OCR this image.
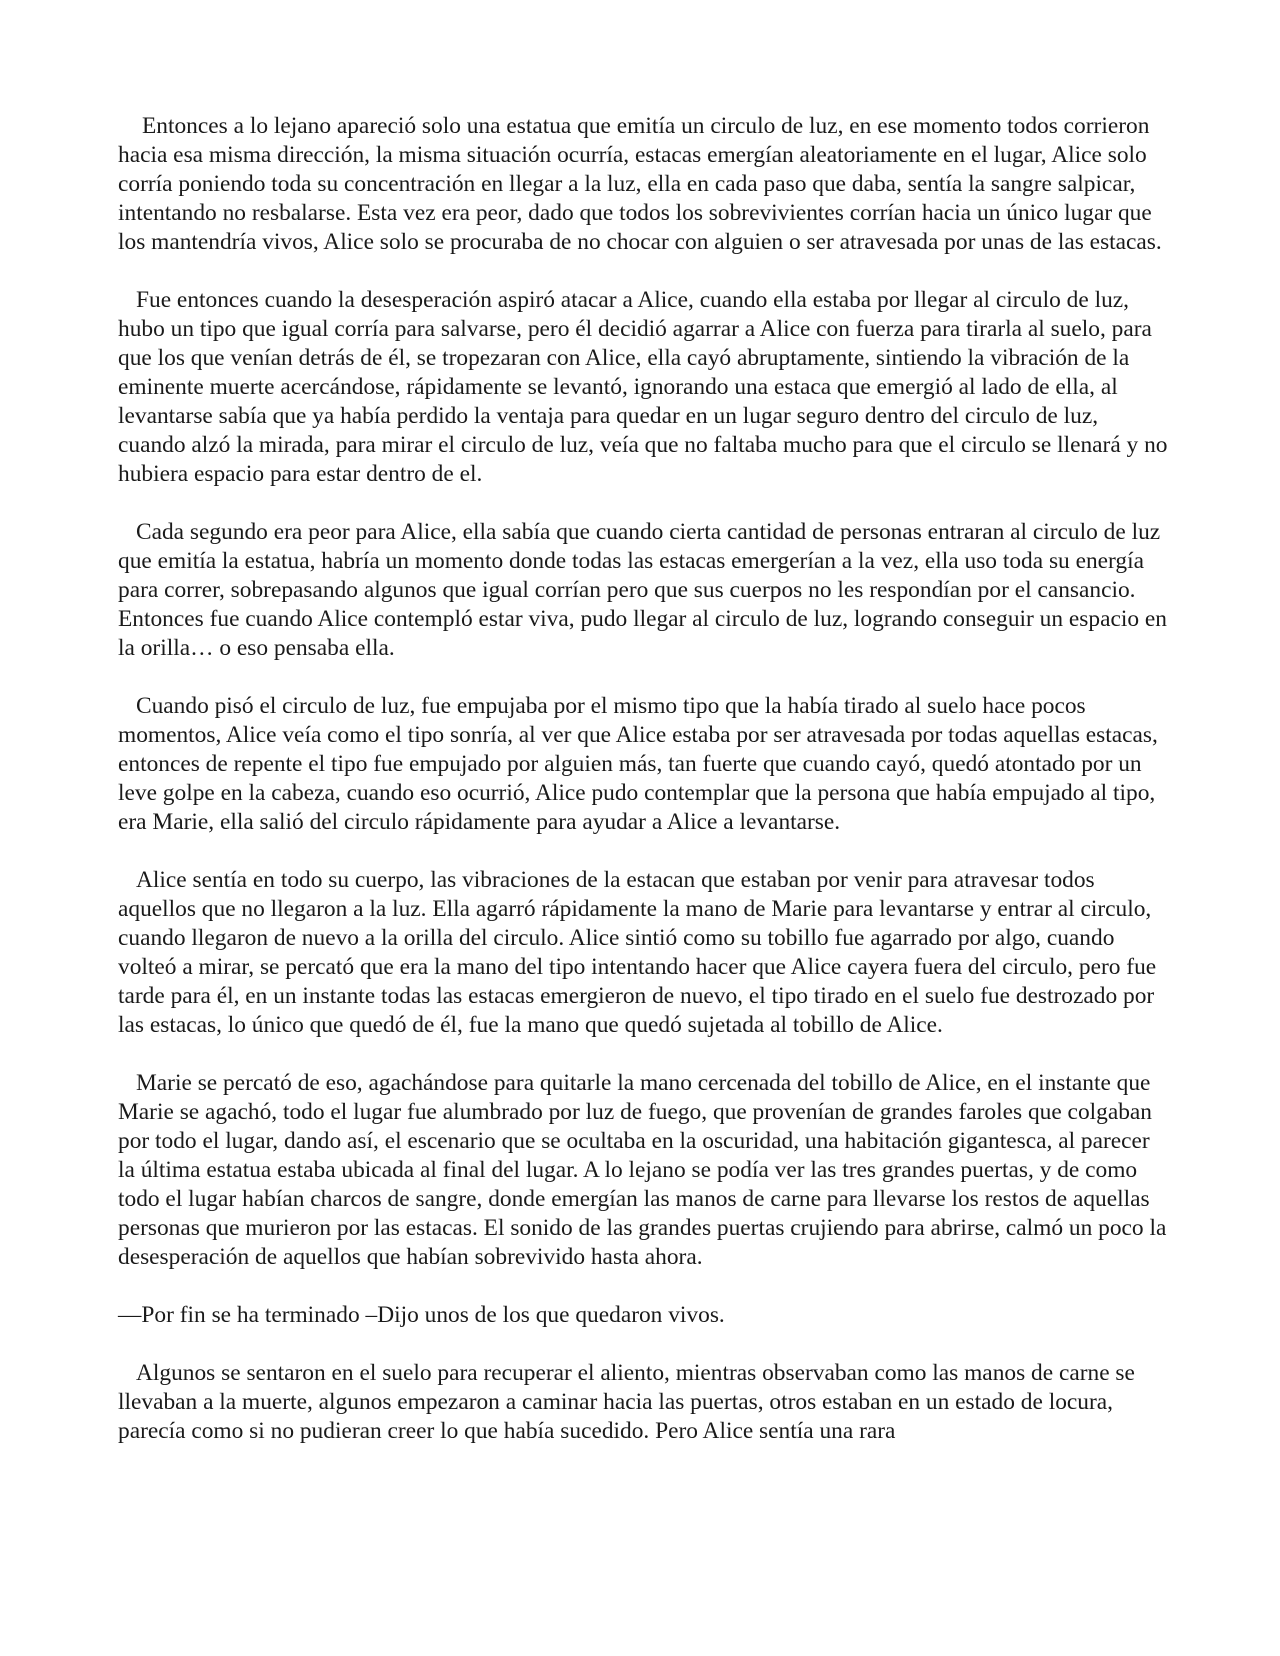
Entonces a lo lejano apareció solo una estatua que emitía un circulo de luz, en ese momento todos corrieron hacia esa misma dirección, la misma situación ocurría, estacas emergían aleatoriamente en el lugar, Alice solo corría poniendo toda su concentración en llegar a la luz, ella en cada paso que daba, sentía la sangre salpicar, intentando no resbalarse. Esta vez era peor, dado que todos los sobrevivientes corrían hacia un único lugar que los mantendría vivos, Alice solo se procuraba de no chocar con alguien o ser atravesada por unas de las estacas.

Fue entonces cuando la desesperación aspiró atacar a Alice, cuando ella estaba por llegar al circulo de luz, hubo un tipo que igual corría para salvarse, pero él decidió agarrar a Alice con fuerza para tirarla al suelo, para que los que venían detrás de él, se tropezaran con Alice, ella cayó abruptamente, sintiendo la vibración de la eminente muerte acercándose, rápidamente se levantó, ignorando una estaca que emergió al lado de ella, al levantarse sabía que ya había perdido la ventaja para quedar en un lugar seguro dentro del circulo de luz, cuando alzó la mirada, para mirar el circulo de luz, veía que no faltaba mucho para que el circulo se llenará y no hubiera espacio para estar dentro de el.

Cada segundo era peor para Alice, ella sabía que cuando cierta cantidad de personas entraran al circulo de luz que emitía la estatua, habría un momento donde todas las estacas emergerían a la vez, ella uso toda su energía para correr, sobrepasando algunos que igual corrían pero que sus cuerpos no les respondían por el cansancio. Entonces fue cuando Alice contempló estar viva, pudo llegar al circulo de luz, logrando conseguir un espacio en la orilla… o eso pensaba ella.

Cuando pisó el circulo de luz, fue empujaba por el mismo tipo que la había tirado al suelo hace pocos momentos, Alice veía como el tipo sonría, al ver que Alice estaba por ser atravesada por todas aquellas estacas, entonces de repente el tipo fue empujado por alguien más, tan fuerte que cuando cayó, quedó atontado por un leve golpe en la cabeza, cuando eso ocurrió, Alice pudo contemplar que la persona que había empujado al tipo, era Marie, ella salió del circulo rápidamente para ayudar a Alice a levantarse.

Alice sentía en todo su cuerpo, las vibraciones de la estacan que estaban por venir para atravesar todos aquellos que no llegaron a la luz. Ella agarró rápidamente la mano de Marie para levantarse y entrar al circulo, cuando llegaron de nuevo a la orilla del circulo. Alice sintió como su tobillo fue agarrado por algo, cuando volteó a mirar, se percató que era la mano del tipo intentando hacer que Alice cayera fuera del circulo, pero fue tarde para él, en un instante todas las estacas emergieron de nuevo, el tipo tirado en el suelo fue destrozado por las estacas, lo único que quedó de él, fue la mano que quedó sujetada al tobillo de Alice.

Marie se percató de eso, agachándose para quitarle la mano cercenada del tobillo de Alice, en el instante que Marie se agachó, todo el lugar fue alumbrado por luz de fuego, que provenían de grandes faroles que colgaban por todo el lugar, dando así, el escenario que se ocultaba en la oscuridad, una habitación gigantesca, al parecer la última estatua estaba ubicada al final del lugar. A lo lejano se podía ver las tres grandes puertas, y de como todo el lugar habían charcos de sangre, donde emergían las manos de carne para llevarse los restos de aquellas personas que murieron por las estacas. El sonido de las grandes puertas crujiendo para abrirse, calmó un poco la desesperación de aquellos que habían sobrevivido hasta ahora.

—Por fin se ha terminado –Dijo unos de los que quedaron vivos.

Algunos se sentaron en el suelo para recuperar el aliento, mientras observaban como las manos de carne se llevaban a la muerte, algunos empezaron a caminar hacia las puertas, otros estaban en un estado de locura, parecía como si no pudieran creer lo que había sucedido. Pero Alice sentía una rara
